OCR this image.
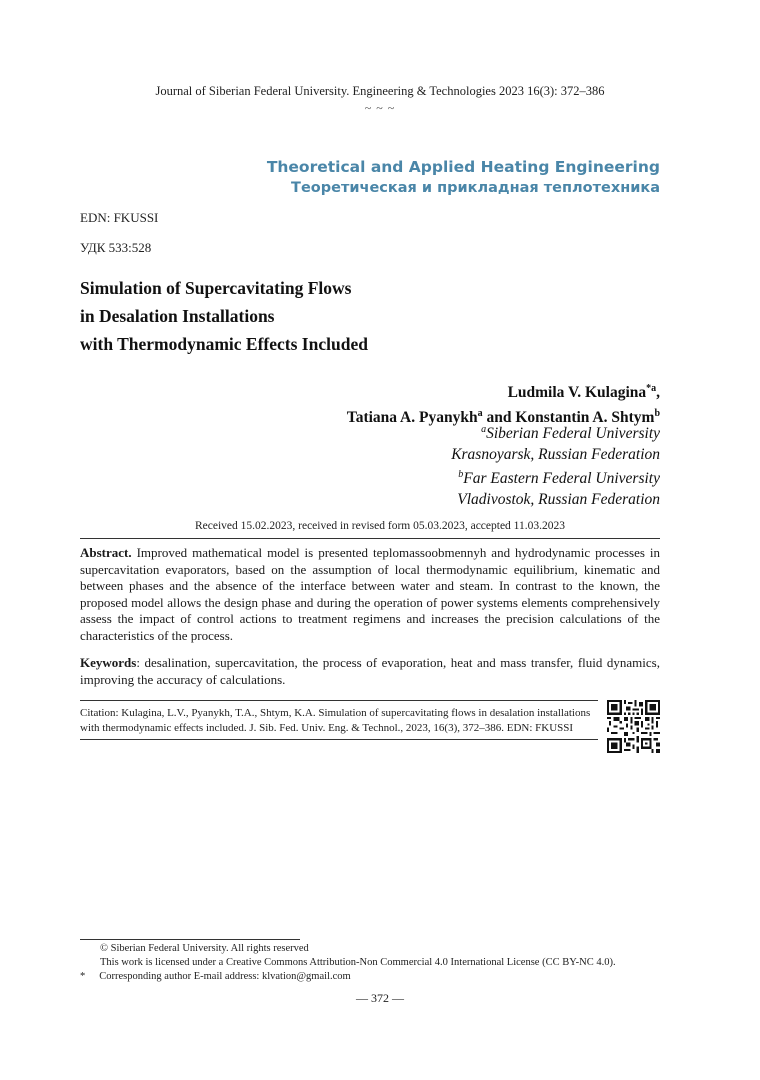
Journal of Siberian Federal University. Engineering & Technologies 2023 16(3): 372–386
~ ~ ~
Theoretical and Applied Heating Engineering
Теоретическая и прикладная теплотехника
EDN: FKUSSI
УДК 533:528
Simulation of Supercavitating Flows
in Desalation Installations
with Thermodynamic Effects Included
Ludmila V. Kulagina$^{*a}$,
Tatiana A. Pyanykh$^a$ and Konstantin A. Shtym$^b$
$^a$Siberian Federal University
Krasnoyarsk, Russian Federation
$^b$Far Eastern Federal University
Vladivostok, Russian Federation
Received 15.02.2023, received in revised form 05.03.2023, accepted 11.03.2023
Abstract. Improved mathematical model is presented teplomassoobmennyh and hydrodynamic processes in supercavitation evaporators, based on the assumption of local thermodynamic equilibrium, kinematic and between phases and the absence of the interface between water and steam. In contrast to the known, the proposed model allows the design phase and during the operation of power systems elements comprehensively assess the impact of control actions to treatment regimens and increases the precision calculations of the characteristics of the process.
Keywords: desalination, supercavitation, the process of evaporation, heat and mass transfer, fluid dynamics, improving the accuracy of calculations.
Citation: Kulagina, L.V., Pyanykh, T.A., Shtym, K.A. Simulation of supercavitating flows in desalation installations with thermodynamic effects included. J. Sib. Fed. Univ. Eng. & Technol., 2023, 16(3), 372–386. EDN: FKUSSI
© Siberian Federal University. All rights reserved
This work is licensed under a Creative Commons Attribution-Non Commercial 4.0 International License (CC BY-NC 4.0).
* Corresponding author E-mail address: klvation@gmail.com
— 372 —
